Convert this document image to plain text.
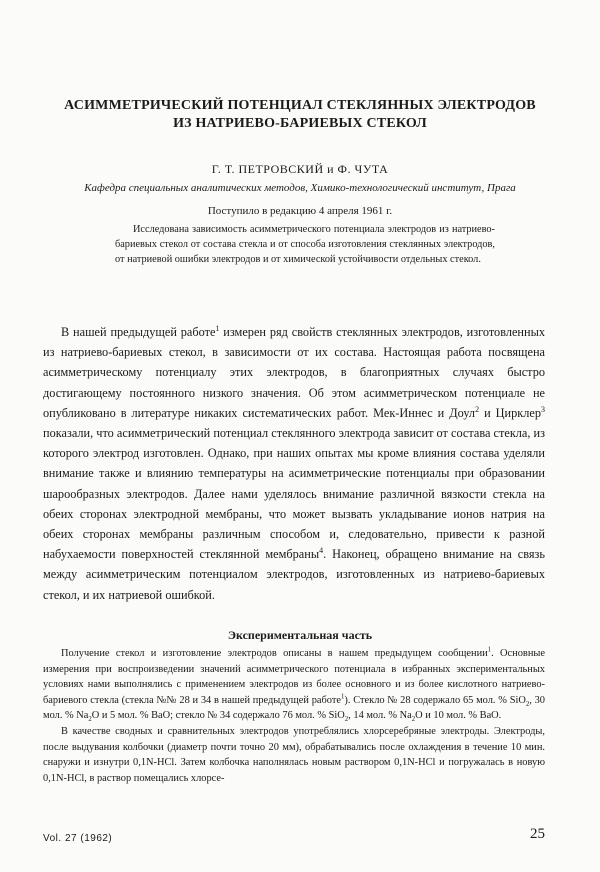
АСИММЕТРИЧЕСКИЙ ПОТЕНЦИАЛ СТЕКЛЯННЫХ ЭЛЕКТРОДОВ
ИЗ НАТРИЕВО-БАРИЕВЫХ СТЕКОЛ
Г. Т. ПЕТРОВСКИЙ и Ф. ЧУТА
Кафедра специальных аналитических методов, Химико-технологический институт, Прага
Поступило в редакцию 4 апреля 1961 г.

Исследована зависимость асимметрического потенциала электродов из натриево-бариевых стекол от состава стекла и от способа изготовления стеклянных электродов, от натриевой ошибки электродов и от химической устойчивости отдельных стекол.

В нашей предыдущей работе$^1$ измерен ряд свойств стеклянных электродов, изготовленных из натриево-бариевых стекол, в зависимости от их состава. Настоящая работа посвящена асимметрическому потенциалу этих электродов, в благоприятных случаях быстро достигающему постоянного низкого значения. Об этом асимметрическом потенциале не опубликовано в литературе никаких систематических работ. Мек-Иннес и Доул$^2$ и Цирклер$^3$ показали, что асимметрический потенциал стеклянного электрода зависит от состава стекла, из которого электрод изготовлен. Однако, при наших опытах мы кроме влияния состава уделяли внимание также и влиянию температуры на асимметрические потенциалы при образовании шарообразных электродов. Далее нами уделялось внимание различной вязкости стекла на обеих сторонах электродной мембраны, что может вызвать укладывание ионов натрия на обеих сторонах мембраны различным способом и, следовательно, привести к разной набухаемости поверхностей стеклянной мембраны$^4$. Наконец, обращено внимание на связь между асимметрическим потенциалом электродов, изготовленных из натриево-бариевых стекол, и их натриевой ошибкой.

Экспериментальная часть
Получение стекол и изготовление электродов описаны в нашем предыдущем сообщении$^1$. Основные измерения при воспроизведении значений асимметрического потенциала в избранных экспериментальных условиях нами выполнялись с применением электродов из более основного и из более кислотного натриево-бариевого стекла (стекла №№ 28 и 34 в нашей предыдущей работе$^1$). Стекло № 28 содержало 65 мол. % SiO$_2$, 30 мол. % $Na_2O$ и 5 мол. % BaO; стекло № 34 содержало 76 мол. % SiO$_2$, 14 мол. % $Na_2O$ и 10 мол. % BaO.
В качестве сводных и сравнительных электродов употреблялись хлорсеребряные электроды. Электроды, после выдувания колбочки (диаметр почти точно 20 мм), обрабатывались после охлаждения в течение 10 мин. снаружи и изнутри 0,1N-HCl. Затем колбочка наполнялась новым раствором 0,1N-HCl и погружалась в новую 0,1N-HCl, в раствор помещались хлорсе-
Vol. 27 (1962)	25
